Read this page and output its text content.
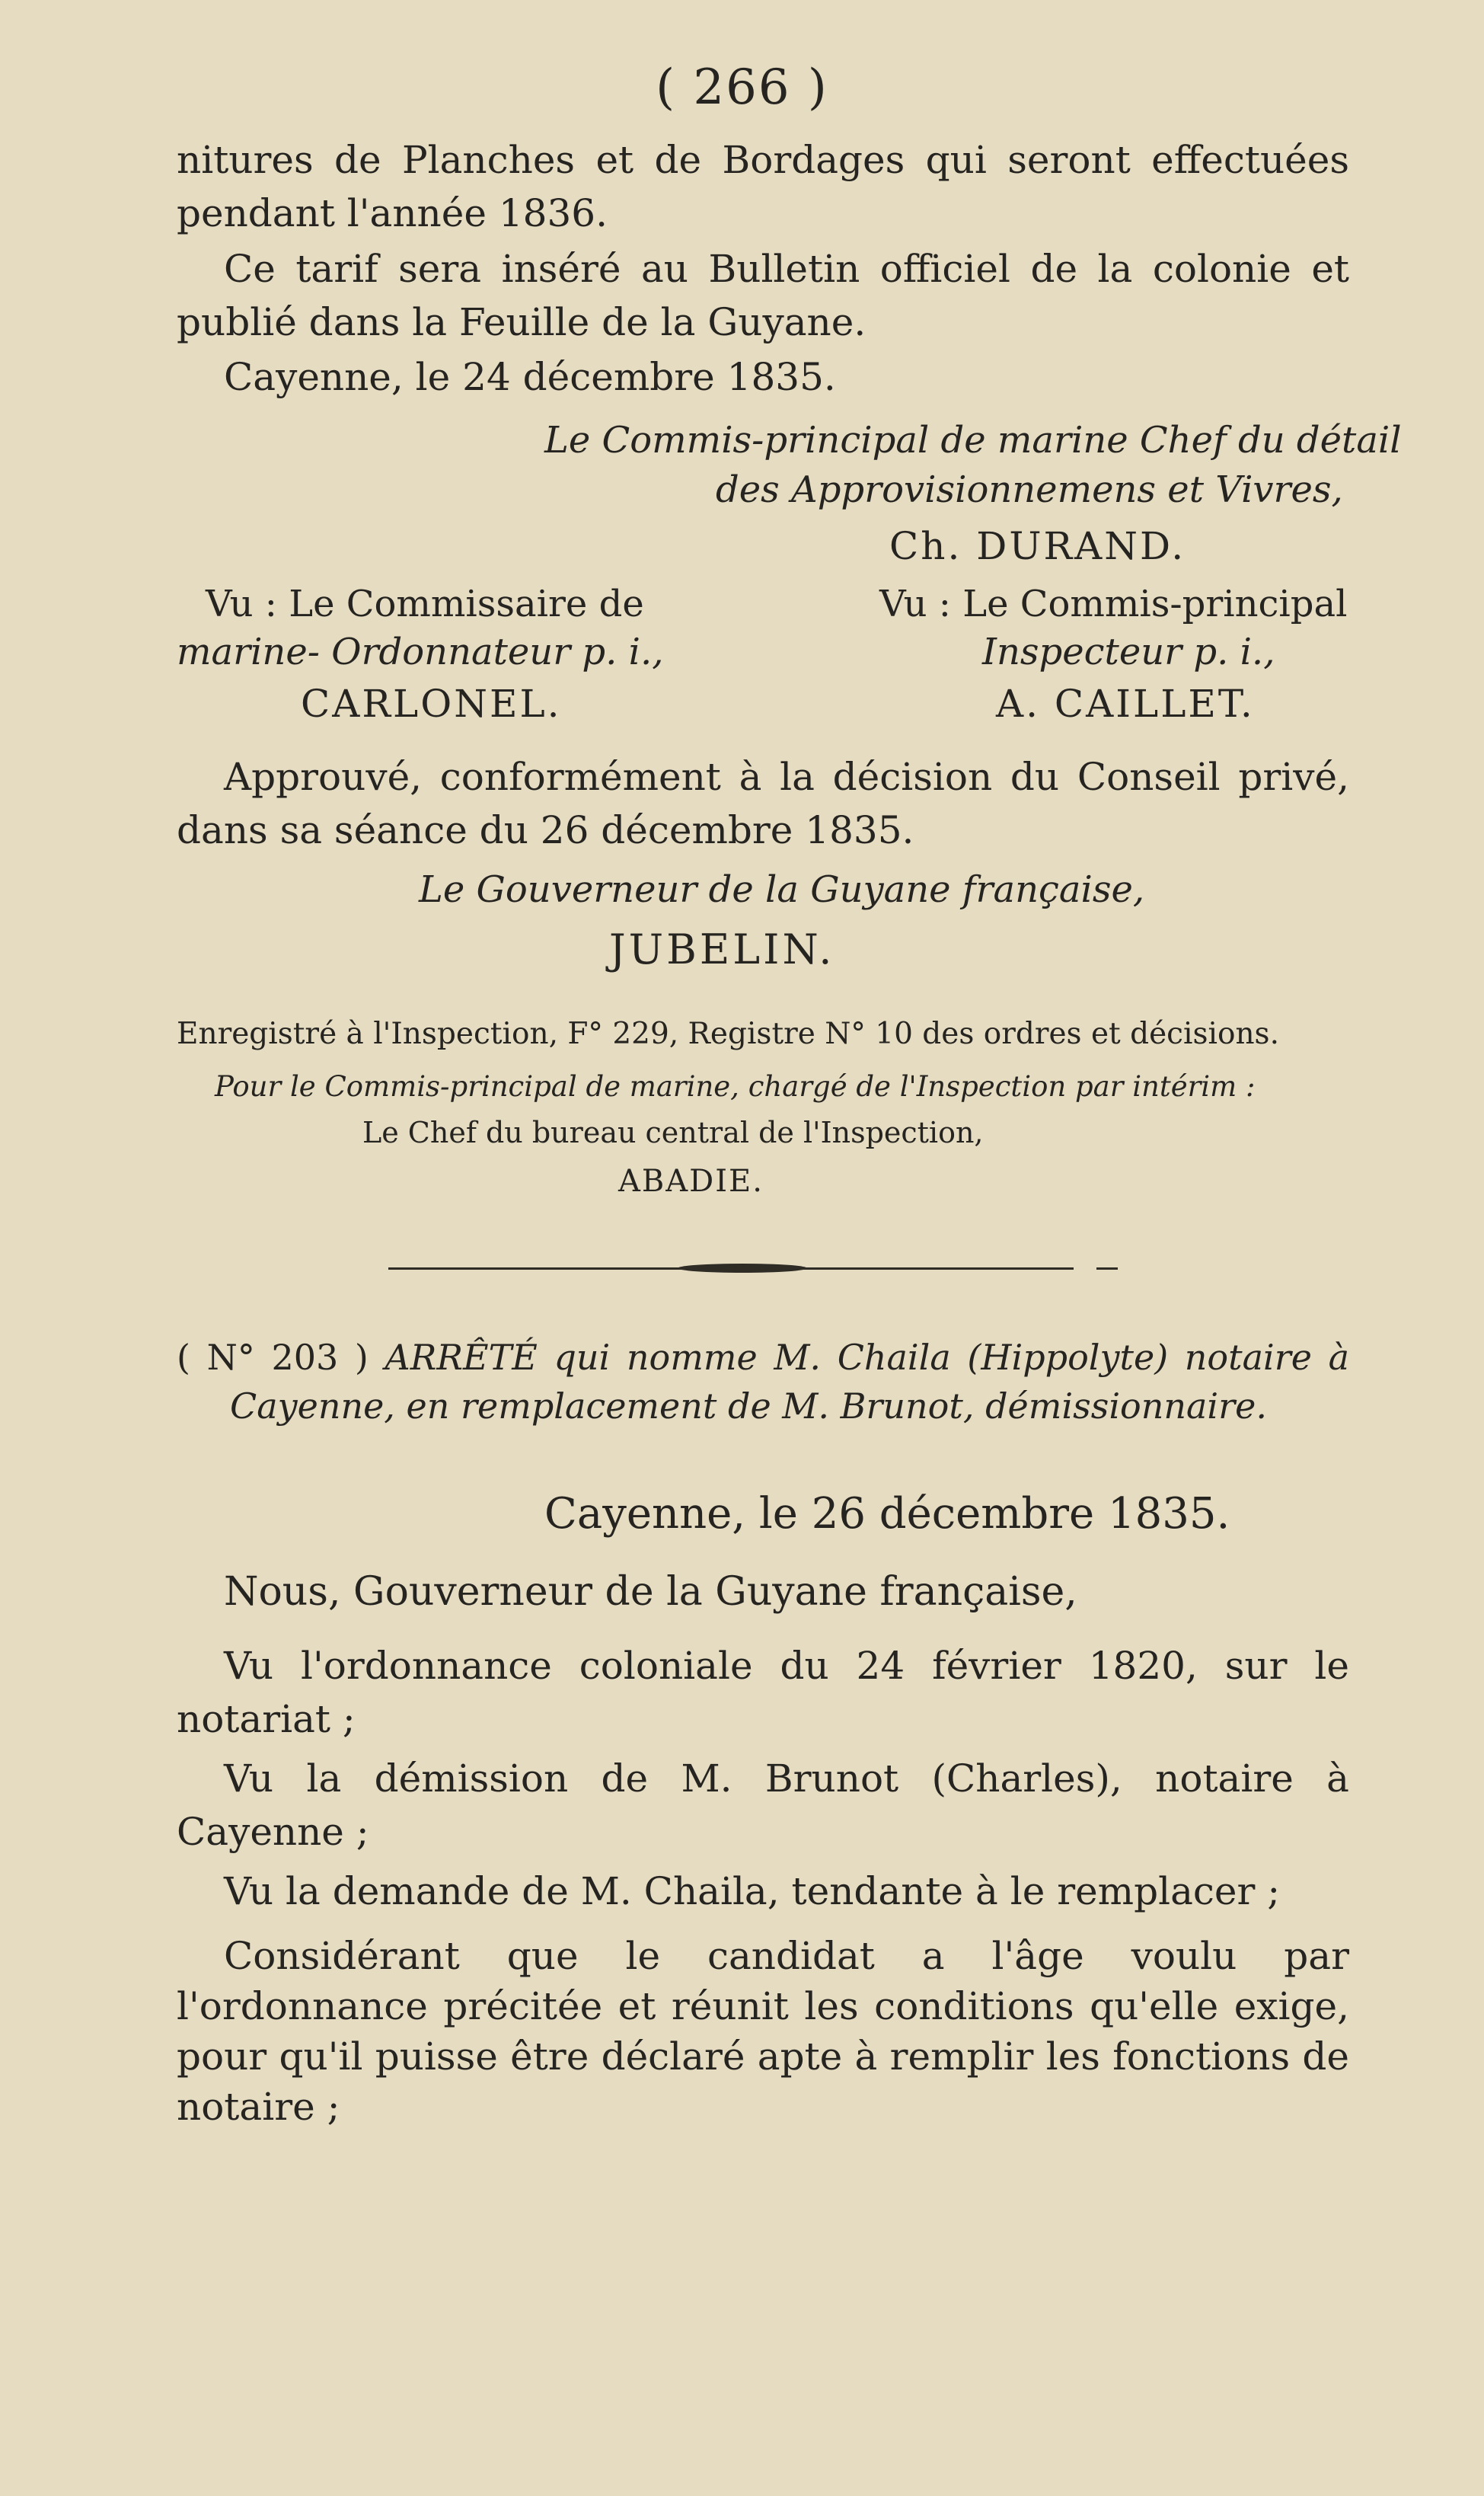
( 266 )
nitures de Planches et de Bordages qui seront effectuées pendant l'année 1836.
Ce tarif sera inséré au Bulletin officiel de la colonie et publié dans la Feuille de la Guyane.
Cayenne, le 24 décembre 1835.
Le Commis-principal de marine Chef du détail
des Approvisionnemens et Vivres,
Ch. DURAND.
Vu : Le Commissaire de
marine- Ordonnateur p. i.,
CARLONEL.
Vu : Le Commis-principal
Inspecteur p. i.,
A. CAILLET.
Approuvé, conformément à la décision du Conseil privé, dans sa séance du 26 décembre 1835.
Le Gouverneur de la Guyane française,
JUBELIN.
Enregistré à l'Inspection, F° 229, Registre N° 10 des ordres et décisions.
Pour le Commis-principal de marine, chargé de l'Inspection par intérim :
Le Chef du bureau central de l'Inspection,
ABADIE.
( N° 203 ) ARRÊTÉ qui nomme M. Chaila (Hippolyte) notaire à Cayenne, en remplacement de M. Brunot, démissionnaire.
Cayenne, le 26 décembre 1835.
Nous, Gouverneur de la Guyane française,
Vu l'ordonnance coloniale du 24 février 1820, sur le notariat ;
Vu la démission de M. Brunot (Charles), notaire à Cayenne ;
Vu la demande de M. Chaila, tendante à le remplacer ;
Considérant que le candidat a l'âge voulu par l'ordonnance précitée et réunit les conditions qu'elle exige, pour qu'il puisse être déclaré apte à remplir les fonctions de notaire ;
